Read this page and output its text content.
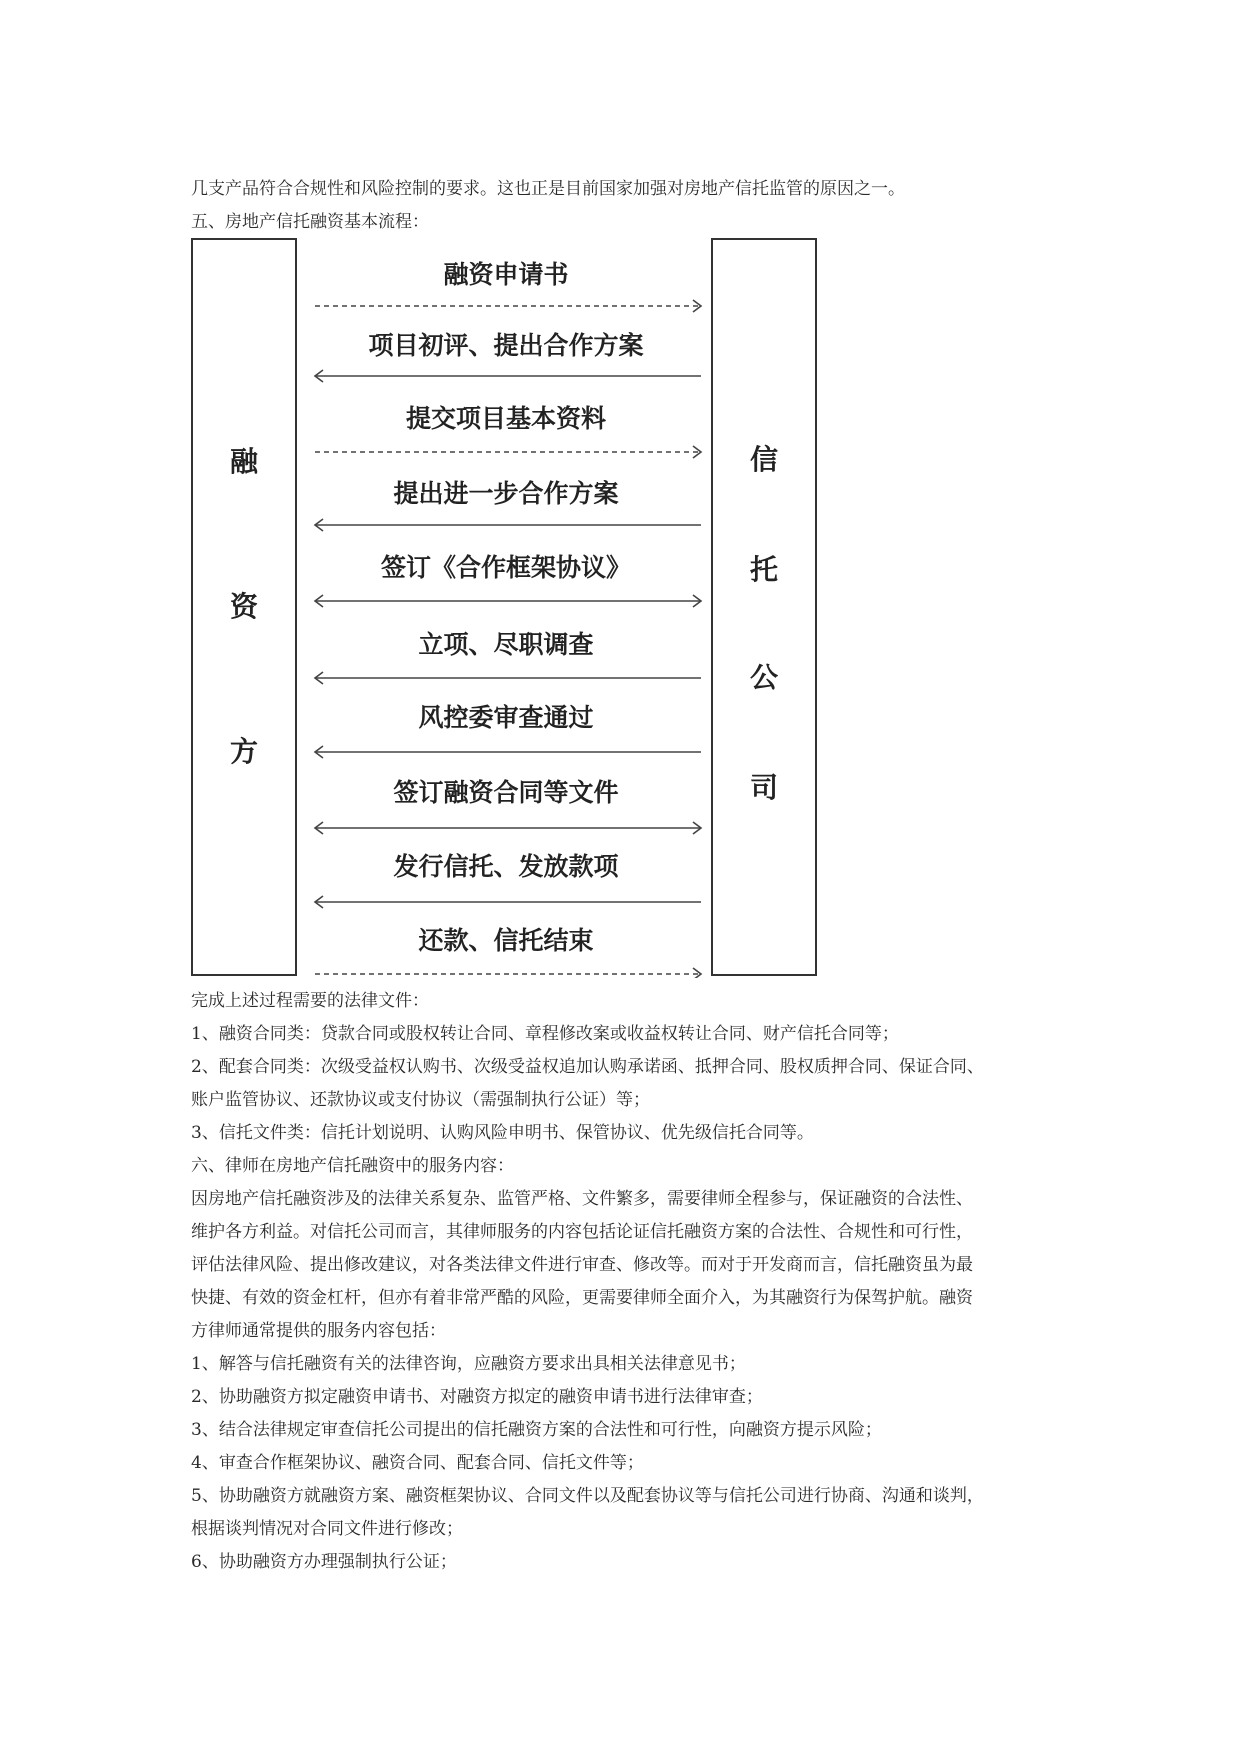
几支产品符合合规性和风险控制的要求。这也正是目前国家加强对房地产信托监管的原因之一。
五、房地产信托融资基本流程：
融
资
方
信
托
公
司
融资申请书
项目初评、提出合作方案
提交项目基本资料
提出进一步合作方案
签订《合作框架协议》
立项、尽职调查
风控委审查通过
签订融资合同等文件
发行信托、发放款项
还款、信托结束
完成上述过程需要的法律文件：
1、融资合同类：贷款合同或股权转让合同、章程修改案或收益权转让合同、财产信托合同等；
2、配套合同类：次级受益权认购书、次级受益权追加认购承诺函、抵押合同、股权质押合同、保证合同、
账户监管协议、还款协议或支付协议（需强制执行公证）等；
3、信托文件类：信托计划说明、认购风险申明书、保管协议、优先级信托合同等。
六、律师在房地产信托融资中的服务内容：
因房地产信托融资涉及的法律关系复杂、监管严格、文件繁多，需要律师全程参与，保证融资的合法性、
维护各方利益。对信托公司而言，其律师服务的内容包括论证信托融资方案的合法性、合规性和可行性，
评估法律风险、提出修改建议，对各类法律文件进行审查、修改等。而对于开发商而言，信托融资虽为最
快捷、有效的资金杠杆，但亦有着非常严酷的风险，更需要律师全面介入，为其融资行为保驾护航。融资
方律师通常提供的服务内容包括：
1、解答与信托融资有关的法律咨询，应融资方要求出具相关法律意见书；
2、协助融资方拟定融资申请书、对融资方拟定的融资申请书进行法律审查；
3、结合法律规定审查信托公司提出的信托融资方案的合法性和可行性，向融资方提示风险；
4、审查合作框架协议、融资合同、配套合同、信托文件等；
5、协助融资方就融资方案、融资框架协议、合同文件以及配套协议等与信托公司进行协商、沟通和谈判，
根据谈判情况对合同文件进行修改；
6、协助融资方办理强制执行公证；
